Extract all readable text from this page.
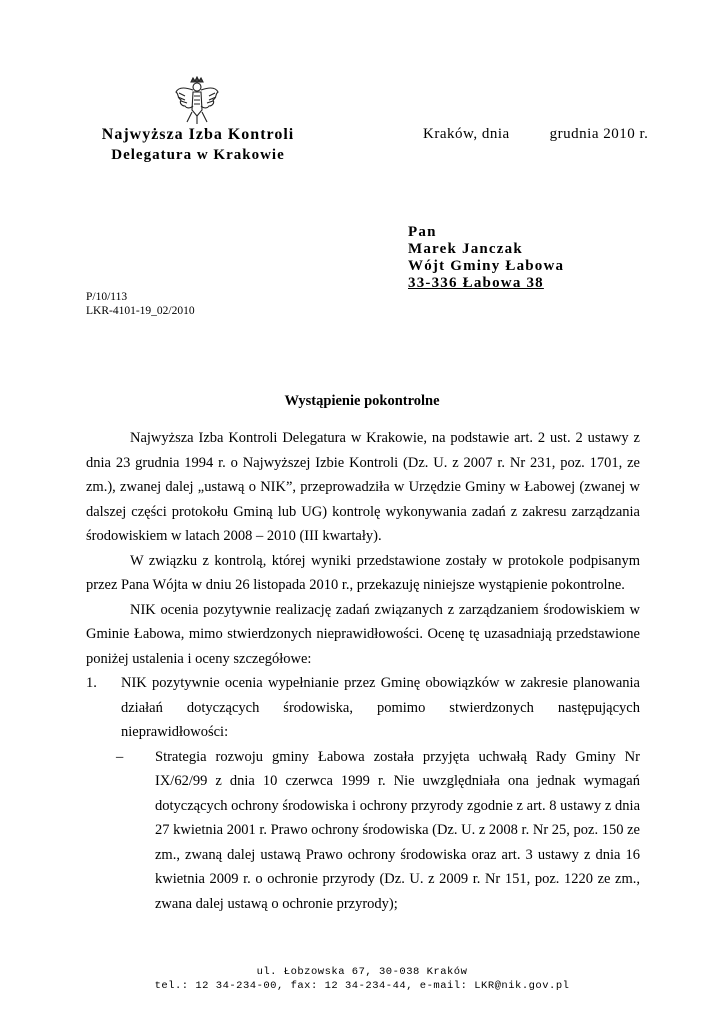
Najwyższa Izba Kontroli
Delegatura w Krakowie
Kraków, dnia	grudnia 2010 r.
Pan
Marek Janczak
Wójt Gminy Łabowa
33-336 Łabowa 38
P/10/113
LKR-4101-19_02/2010
Wystąpienie pokontrolne

Najwyższa Izba Kontroli Delegatura w Krakowie, na podstawie art. 2 ust. 2 ustawy z dnia 23 grudnia 1994 r. o Najwyższej Izbie Kontroli (Dz. U. z 2007 r. Nr 231, poz. 1701, ze zm.), zwanej dalej „ustawą o NIK”, przeprowadziła w Urzędzie Gminy w Łabowej (zwanej w dalszej części protokołu Gminą lub UG) kontrolę wykonywania zadań z zakresu zarządzania środowiskiem w latach 2008 – 2010 (III kwartały).

W związku z kontrolą, której wyniki przedstawione zostały w protokole podpisanym przez Pana Wójta w dniu 26 listopada 2010 r., przekazuję niniejsze wystąpienie pokontrolne.

NIK ocenia pozytywnie realizację zadań związanych z zarządzaniem środowiskiem w Gminie Łabowa, mimo stwierdzonych nieprawidłowości. Ocenę tę uzasadniają przedstawione poniżej ustalenia i oceny szczegółowe:

1. NIK pozytywnie ocenia wypełnianie przez Gminę obowiązków w zakresie planowania działań dotyczących środowiska, pomimo stwierdzonych następujących nieprawidłowości:

– Strategia rozwoju gminy Łabowa została przyjęta uchwałą Rady Gminy Nr IX/62/99 z dnia 10 czerwca 1999 r. Nie uwzględniała ona jednak wymagań dotyczących ochrony środowiska i ochrony przyrody zgodnie z art. 8 ustawy z dnia 27 kwietnia 2001 r. Prawo ochrony środowiska (Dz. U. z 2008 r. Nr 25, poz. 150 ze zm., zwaną dalej ustawą Prawo ochrony środowiska oraz art. 3 ustawy z dnia 16 kwietnia 2009 r. o ochronie przyrody (Dz. U. z 2009 r. Nr 151, poz. 1220 ze zm., zwana dalej ustawą o ochronie przyrody);

ul. Łobzowska 67, 30-038 Kraków
tel.: 12 34-234-00, fax: 12 34-234-44, e-mail: LKR@nik.gov.pl
